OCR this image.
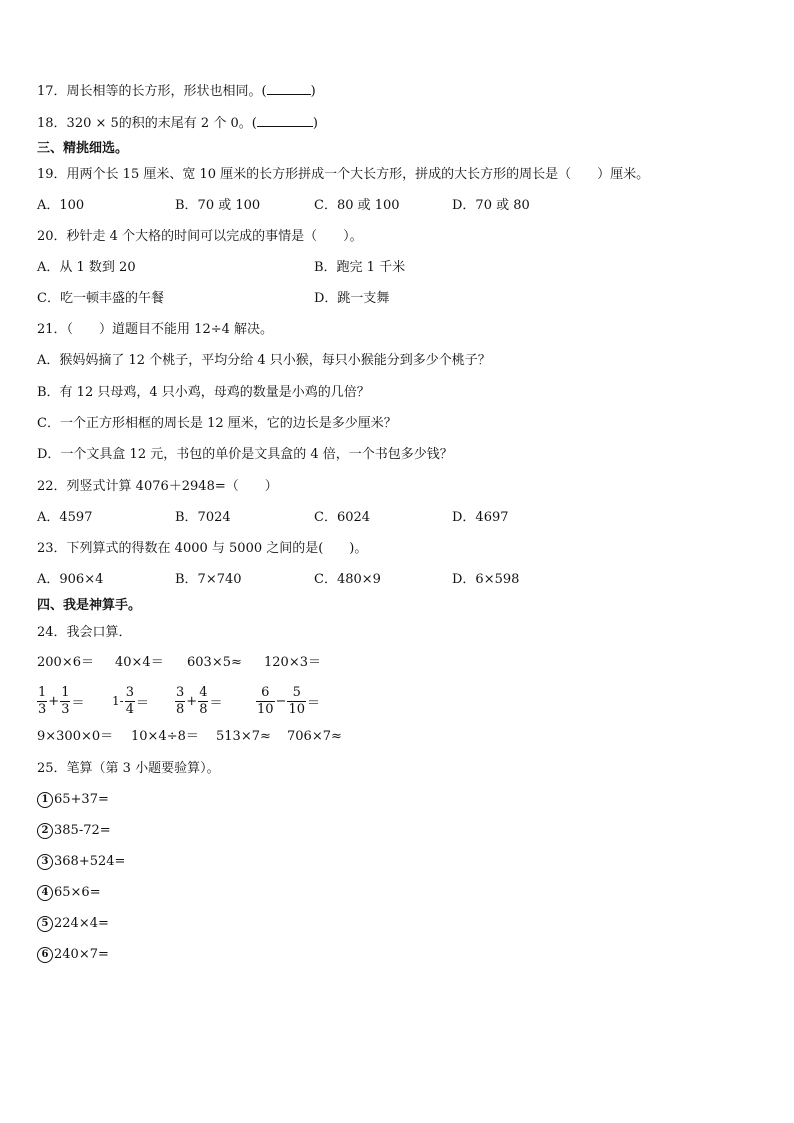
17．周长相等的长方形，形状也相同。(	)
18．320 × 5的积的末尾有 2 个 0。(	)
三、精挑细选。
19．用两个长 15 厘米、宽 10 厘米的长方形拼成一个大长方形，拼成的大长方形的周长是（　　）厘米。
A．100	B．70 或 100	C．80 或 100	D．70 或 80
20．秒针走 4 个大格的时间可以完成的事情是（　　）。
A．从 1 数到 20	B．跑完 1 千米
C．吃一顿丰盛的午餐	D．跳一支舞
21．（　　）道题目不能用 12÷4 解决。
A．猴妈妈摘了 12 个桃子，平均分给 4 只小猴，每只小猴能分到多少个桃子？
B．有 12 只母鸡，4 只小鸡，母鸡的数量是小鸡的几倍？
C．一个正方形相框的周长是 12 厘米，它的边长是多少厘米？
D．一个文具盒 12 元，书包的单价是文具盒的 4 倍，一个书包多少钱？
22．列竖式计算 4076＋2948=（　　）
A．4597	B．7024	C．6024	D．4697
23．下列算式的得数在 4000 与 5000 之间的是(　　)。
A．906×4	B．7×740	C．480×9	D．6×598
四、我是神算手。
24．我会口算．
200×6＝ 40×4＝ 603×5≈ 120×3＝
$\frac{1}{3} + \frac{1}{3} = 1- \frac{3}{4} = \frac{3}{8} + \frac{4}{8}$ ＝	$\frac{6}{10} - \frac{5}{10}$ ＝
9×300×0＝ 10×4÷8＝ 513×7≈ 706×7≈
25．笔算（第 3 小题要验算）。
1 65+37=
2 385-72=
3 368+524=
4 65×6=
5 224×4=
6 240×7=
